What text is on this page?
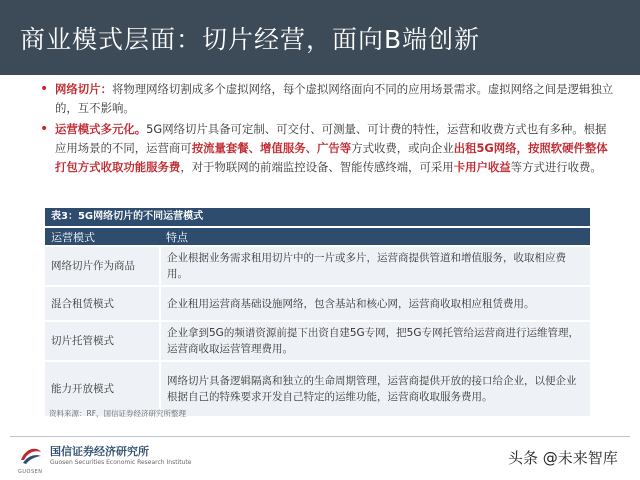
商业模式层面：切片经营，面向B端创新

• 网络切片：将物理网络切割成多个虚拟网络，每个虚拟网络面向不同的应用场景需求。虚拟网络之间是逻辑独立的，互不影响。

• 运营模式多元化。5G网络切片具备可定制、可交付、可测量、可计费的特性，运营和收费方式也有多种。根据应用场景的不同，运营商可按流量套餐、增值服务、广告等方式收费，或向企业出租5G网络，按照软硬件整体打包方式收取功能服务费，对于物联网的前端监控设备、智能传感终端，可采用卡用户收益等方式进行收费。

表3：5G网络切片的不同运营模式
运营模式	特点
网络切片作为商品	企业根据业务需求租用切片中的一片或多片，运营商提供管道和增值服务，收取相应费用。
混合租赁模式	企业租用运营商基础设施网络，包含基站和核心网，运营商收取相应租赁费用。
切片托管模式	企业拿到5G的频谱资源前提下出资自建5G专网，把5G专网托管给运营商进行运维管理，运营商收取运营管理费用。
能力开放模式	网络切片具备逻辑隔离和独立的生命周期管理，运营商提供开放的接口给企业，以便企业根据自己的特殊要求开发自己特定的运维功能，运营商收取服务费用。
资料来源：RF，国信证券经济研究所整理
国信证券经济研究所
Guosen Securities Economic Research Institute
GUOSEN
头条 @未来智库
